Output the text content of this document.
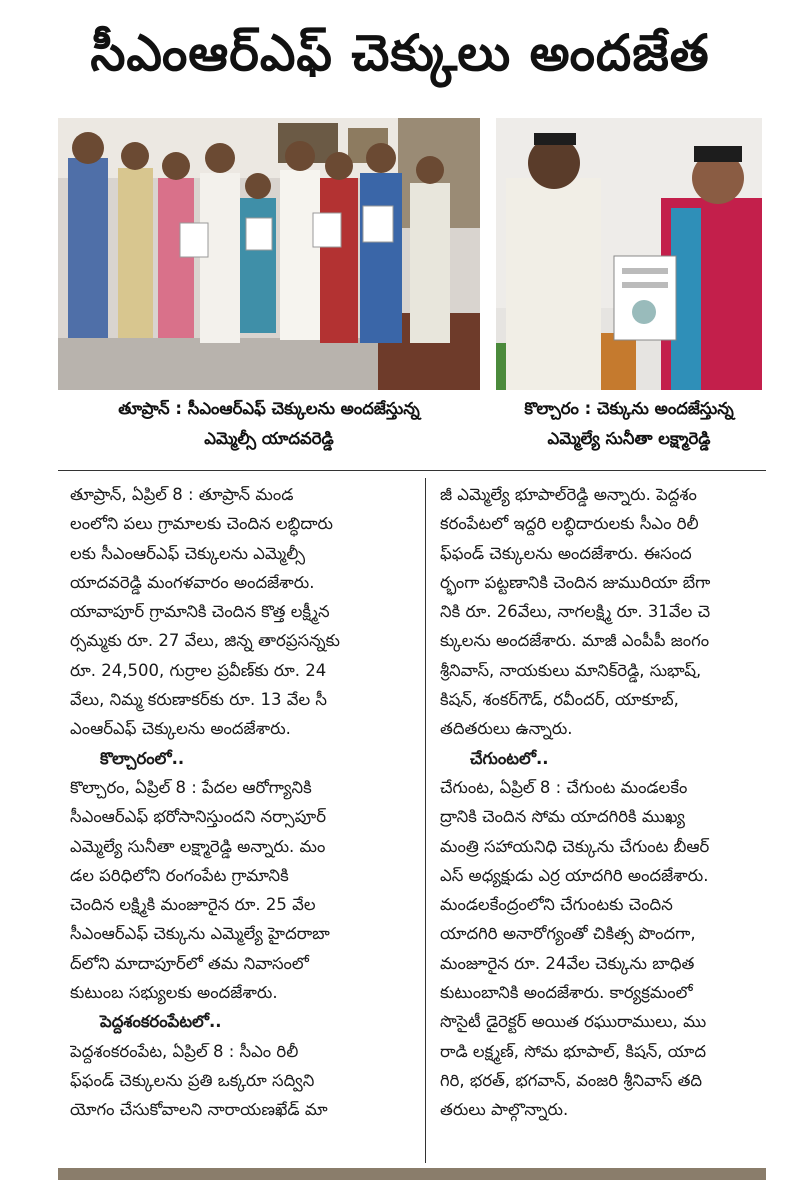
సీఎంఆర్‌ఎఫ్‌ చెక్కులు అందజేత
తూప్రాన్‌ : సీఎంఆర్‌ఎఫ్‌ చెక్కులను అందజేస్తున్న
ఎమ్మెల్సీ యాదవరెడ్డి
కొల్చారం : చెక్కును అందజేస్తున్న
ఎమ్మెల్యే సునీతా లక్ష్మారెడ్డి
తూప్రాన్‌, ఏప్రిల్‌ 8 : తూప్రాన్‌ మండ
లంలోని పలు గ్రామాలకు చెందిన లబ్ధిదారు
లకు సీఎంఆర్‌ఎఫ్‌ చెక్కులను ఎమ్మెల్సీ
యాదవరెడ్డి మంగళవారం అందజేశారు.
యావాపూర్‌ గ్రామానికి చెందిన కొత్త లక్ష్మీన
ర్సమ్మకు రూ. 27 వేలు, జిన్న తారప్రసన్నకు
రూ. 24,500, గుర్రాల ప్రవీణ్‌కు రూ. 24
వేలు, నిమ్మ కరుణాకర్‌కు రూ. 13 వేల సీ
ఎంఆర్‌ఎఫ్‌ చెక్కులను అందజేశారు.
కొల్చారంలో..
కొల్చారం, ఏప్రిల్‌ 8 : పేదల ఆరోగ్యానికి
సీఎంఆర్‌ఎఫ్‌ భరోసానిస్తుందని నర్సాపూర్‌
ఎమ్మెల్యే సునీతా లక్ష్మారెడ్డి అన్నారు. మం
డల పరిధిలోని రంగంపేట గ్రామానికి
చెందిన లక్ష్మికి మంజూరైన రూ. 25 వేల
సీఎంఆర్‌ఎఫ్‌ చెక్కును ఎమ్మెల్యే హైదరాబా
ద్‌లోని మాదాపూర్‌లో తమ నివాసంలో
కుటుంబ సభ్యులకు అందజేశారు.
పెద్దశంకరంపేటలో..
పెద్దశంకరంపేట, ఏప్రిల్‌ 8 : సీఎం రిలీ
ఫ్‌ఫండ్‌ చెక్కులను ప్రతి ఒక్కరూ సద్విని
యోగం చేసుకోవాలని నారాయణఖేడ్‌ మా
జీ ఎమ్మెల్యే భూపాల్‌రెడ్డి అన్నారు. పెద్దశం
కరంపేటలో ఇద్దరి లబ్ధిదారులకు సీఎం రిలీ
ఫ్‌ఫండ్‌ చెక్కులను అందజేశారు. ఈసంద
ర్భంగా పట్టణానికి చెందిన జుమురియా బేగా
నికి రూ. 26వేలు, నాగలక్ష్మి రూ. 31వేల చె
క్కులను అందజేశారు. మాజీ ఎంపీపీ జంగం
శ్రీనివాస్‌, నాయకులు మానిక్‌రెడ్డి, సుభాష్‌,
కిషన్‌, శంకర్‌గౌడ్‌, రవీందర్‌, యాకూబ్‌,
తదితరులు ఉన్నారు.
చేగుంటలో..
చేగుంట, ఏప్రిల్‌ 8 : చేగుంట మండలకేం
ద్రానికి చెందిన సోమ యాదగిరికి ముఖ్య
మంత్రి సహాయనిధి చెక్కును చేగుంట బీఆర్‌
ఎస్‌ అధ్యక్షుడు ఎర్ర యాదగిరి అందజేశారు.
మండలకేంద్రంలోని చేగుంటకు చెందిన
యాదగిరి అనారోగ్యంతో చికిత్స పొందగా,
మంజూరైన రూ. 24వేల చెక్కును బాధిత
కుటుంబానికి అందజేశారు. కార్యక్రమంలో
సొసైటీ డైరెక్టర్‌ అయిత రఘురాములు, ము
రాడి లక్ష్మణ్‌, సోమ భూపాల్‌, కిషన్‌, యాద
గిరి, భరత్‌, భగవాన్‌, వంజరి శ్రీనివాస్‌ తది
తరులు పాల్గొన్నారు.
